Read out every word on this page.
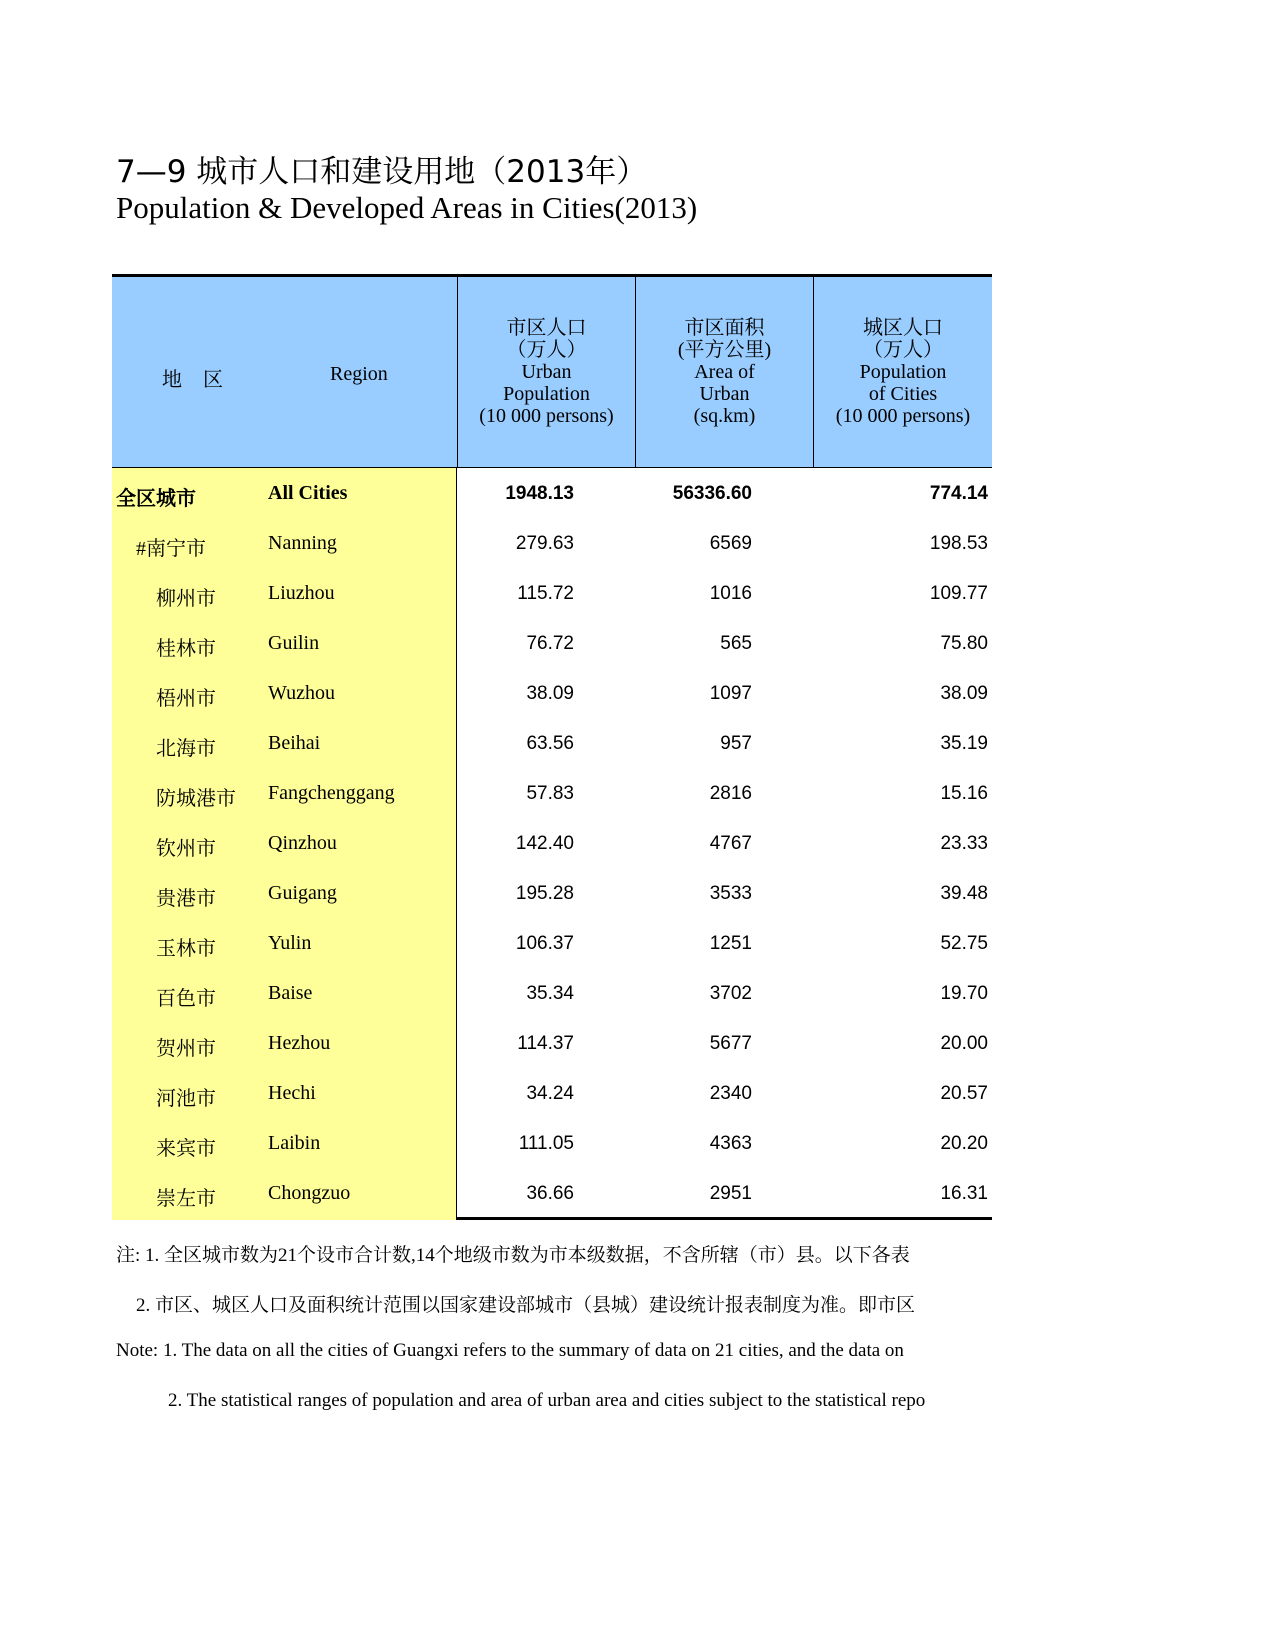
7—9 城市人口和建设用地（2013年）
Population & Developed Areas in Cities(2013)
地 区	Region
市区人口
（万人）
Urban
Population
(10 000 persons)
市区面积
(平方公里)
Area of
Urban
(sq.km)
城区人口
（万人）
Population
of Cities
(10 000 persons)
全区城市	All Cities	1948.13	56336.60	774.14
#南宁市	Nanning	279.63	6569	198.53
柳州市	Liuzhou	115.72	1016	109.77
桂林市	Guilin	76.72	565	75.80
梧州市	Wuzhou	38.09	1097	38.09
北海市	Beihai	63.56	957	35.19
防城港市 Fangchenggang	57.83	2816	15.16
钦州市	Qinzhou	142.40	4767	23.33
贵港市	Guigang	195.28	3533	39.48
玉林市	Yulin	106.37	1251	52.75
百色市	Baise	35.34	3702	19.70
贺州市	Hezhou	114.37	5677	20.00
河池市	Hechi	34.24	2340	20.57
来宾市	Laibin	111.05	4363	20.20
崇左市	Chongzuo	36.66	2951	16.31
注: 1. 全区城市数为21个设市合计数,14个地级市数为市本级数据，不含所辖（市）县。以下各表
2. 市区、城区人口及面积统计范围以国家建设部城市（县城）建设统计报表制度为准。即市区
Note: 1. The data on all the cities of Guangxi refers to the summary of data on 21 cities, and the data on
2. The statistical ranges of population and area of urban area and cities subject to the statistical repo
